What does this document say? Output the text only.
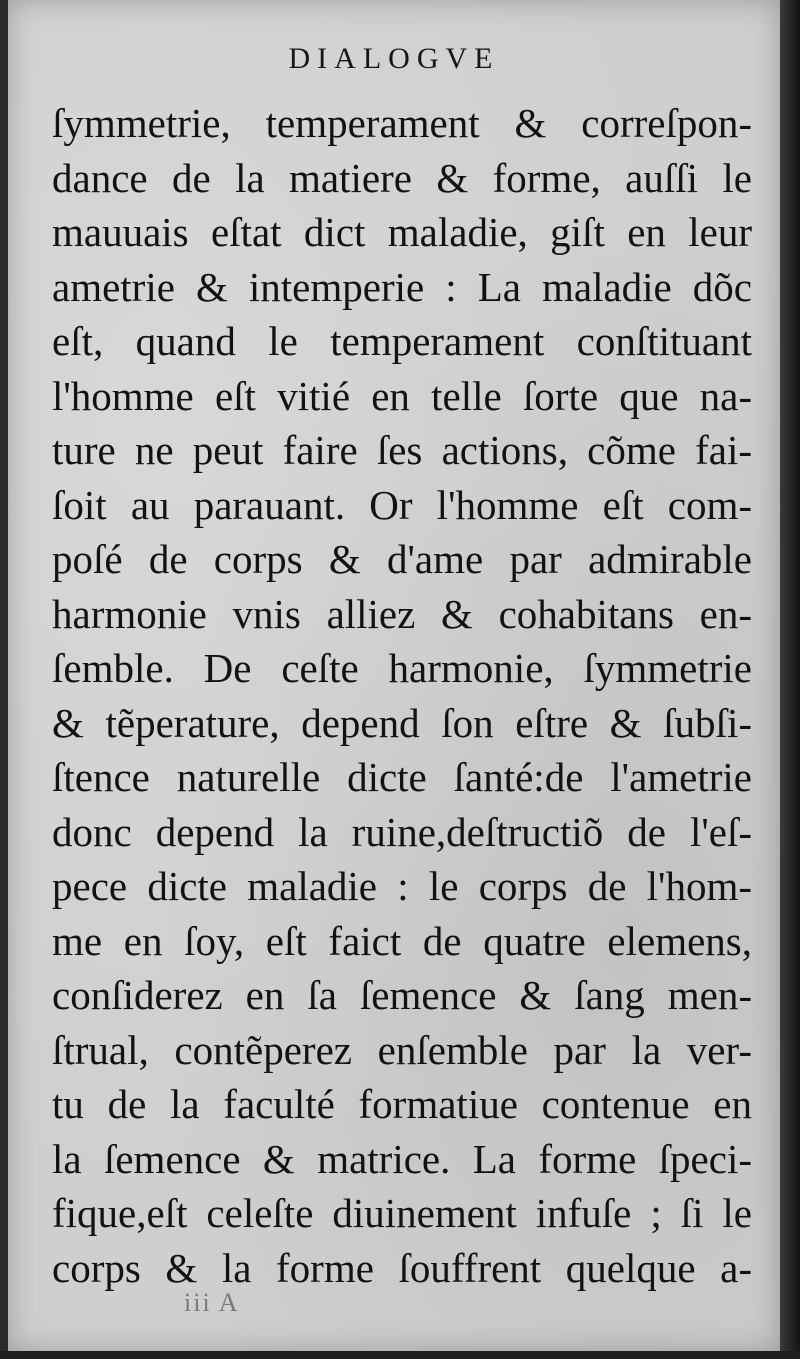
DIALOGVE
ſymmetrie, temperament & correſpon-
dance de la matiere & forme, auſſi le
mauuais eſtat dict maladie, giſt en leur
ametrie & intemperie : La maladie dõc
eſt, quand le temperament conſtituant
l'homme eſt vitié en telle ſorte que na-
ture ne peut faire ſes actions, cõme fai-
ſoit au parauant. Or l'homme eſt com-
poſé de corps & d'ame par admirable
harmonie vnis alliez & cohabitans en-
ſemble. De ceſte harmonie, ſymmetrie
& tẽperature, depend ſon eſtre & ſubſi-
ſtence naturelle dicte ſanté:de l'ametrie
donc depend la ruine,deſtructiõ de l'eſ-
pece dicte maladie : le corps de l'hom-
me en ſoy, eſt faict de quatre elemens,
conſiderez en ſa ſemence & ſang men-
ſtrual, contẽperez enſemble par la ver-
tu de la faculté formatiue contenue en
la ſemence & matrice. La forme ſpeci-
fique,eſt celeſte diuinement infuſe ; ſi le
corps & la forme ſouffrent quelque a-
iii A
